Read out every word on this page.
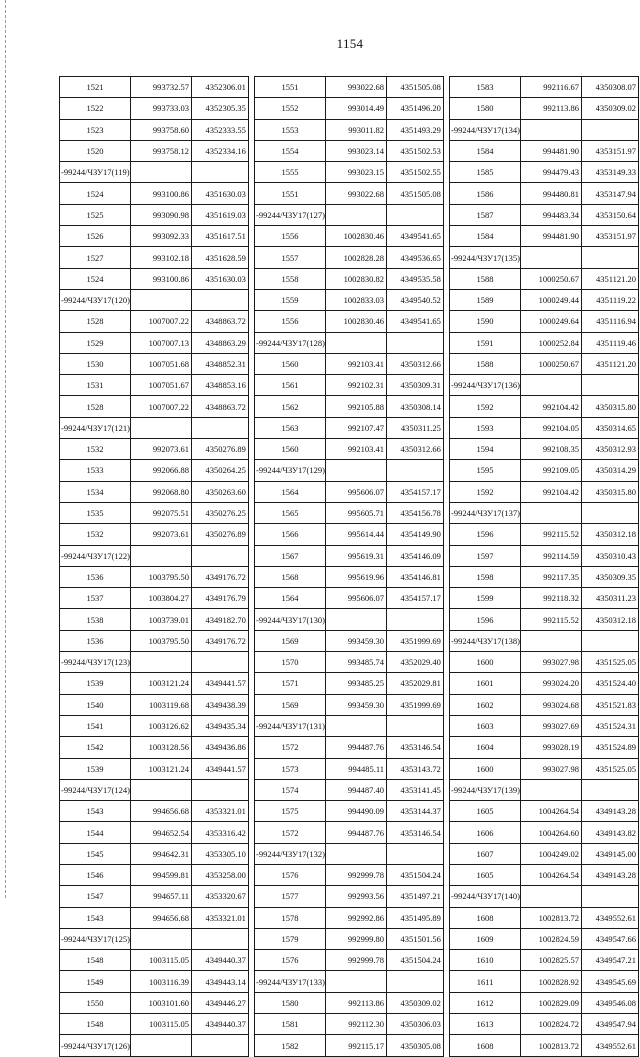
1154
1521	993732.57	4352306.01		1551	993022.68	4351505.08		1583	992116.67	4350308.07
1522	993733.03	4352305.35		1552	993014.49	4351496.20		1580	992113.86	4350309.02
1523	993758.60	4352333.55		1553	993011.82	4351493.29		-99244/ЧЗУ17(134)		
1520	993758.12	4352334.16		1554	993023.14	4351502.53		1584	994481.90	4353151.97
-99244/ЧЗУ17(119)				1555	993023.15	4351502.55		1585	994479.43	4353149.33
1524	993100.86	4351630.03		1551	993022.68	4351505.08		1586	994480.81	4353147.94
1525	993090.98	4351619.03		-99244/ЧЗУ17(127)				1587	994483.34	4353150.64
1526	993092.33	4351617.51		1556	1002830.46	4349541.65		1584	994481.90	4353151.97
1527	993102.18	4351628.59		1557	1002828.28	4349536.65		-99244/ЧЗУ17(135)		
1524	993100.86	4351630.03		1558	1002830.82	4349535.58		1588	1000250.67	4351121.20
-99244/ЧЗУ17(120)				1559	1002833.03	4349540.52		1589	1000249.44	4351119.22
1528	1007007.22	4348863.72		1556	1002830.46	4349541.65		1590	1000249.64	4351116.94
1529	1007007.13	4348863.29		-99244/ЧЗУ17(128)				1591	1000252.84	4351119.46
1530	1007051.68	4348852.31		1560	992103.41	4350312.66		1588	1000250.67	4351121.20
1531	1007051.67	4348853.16		1561	992102.31	4350309.31		-99244/ЧЗУ17(136)		
1528	1007007.22	4348863.72		1562	992105.88	4350308.14		1592	992104.42	4350315.80
-99244/ЧЗУ17(121)				1563	992107.47	4350311.25		1593	992104.05	4350314.65
1532	992073.61	4350276.89		1560	992103.41	4350312.66		1594	992108.35	4350312.93
1533	992066.88	4350264.25		-99244/ЧЗУ17(129)				1595	992109.05	4350314.29
1534	992068.80	4350263.60		1564	995606.07	4354157.17		1592	992104.42	4350315.80
1535	992075.51	4350276.25		1565	995605.71	4354156.78		-99244/ЧЗУ17(137)		
1532	992073.61	4350276.89		1566	995614.44	4354149.90		1596	992115.52	4350312.18
-99244/ЧЗУ17(122)				1567	995619.31	4354146.09		1597	992114.59	4350310.43
1536	1003795.50	4349176.72		1568	995619.96	4354146.81		1598	992117.35	4350309.35
1537	1003804.27	4349176.79		1564	995606.07	4354157.17		1599	992118.32	4350311.23
1538	1003739.01	4349182.70		-99244/ЧЗУ17(130)				1596	992115.52	4350312.18
1536	1003795.50	4349176.72		1569	993459.30	4351999.69		-99244/ЧЗУ17(138)		
-99244/ЧЗУ17(123)				1570	993485.74	4352029.40		1600	993027.98	4351525.05
1539	1003121.24	4349441.57		1571	993485.25	4352029.81		1601	993024.20	4351524.40
1540	1003119.68	4349438.39		1569	993459.30	4351999.69		1602	993024.68	4351521.83
1541	1003126.62	4349435.34		-99244/ЧЗУ17(131)				1603	993027.69	4351524.31
1542	1003128.56	4349436.86		1572	994487.76	4353146.54		1604	993028.19	4351524.89
1539	1003121.24	4349441.57		1573	994485.11	4353143.72		1600	993027.98	4351525.05
-99244/ЧЗУ17(124)				1574	994487.40	4353141.45		-99244/ЧЗУ17(139)		
1543	994656.68	4353321.01		1575	994490.09	4353144.37		1605	1004264.54	4349143.28
1544	994652.54	4353316.42		1572	994487.76	4353146.54		1606	1004264.60	4349143.82
1545	994642.31	4353305.10		-99244/ЧЗУ17(132)				1607	1004249.02	4349145.00
1546	994599.81	4353258.00		1576	992999.78	4351504.24		1605	1004264.54	4349143.28
1547	994657.11	4353320.67		1577	992993.56	4351497.21		-99244/ЧЗУ17(140)		
1543	994656.68	4353321.01		1578	992992.86	4351495.89		1608	1002813.72	4349552.61
-99244/ЧЗУ17(125)				1579	992999.80	4351501.56		1609	1002824.59	4349547.66
1548	1003115.05	4349440.37		1576	992999.78	4351504.24		1610	1002825.57	4349547.21
1549	1003116.39	4349443.14		-99244/ЧЗУ17(133)				1611	1002828.92	4349545.69
1550	1003101.60	4349446.27		1580	992113.86	4350309.02		1612	1002829.09	4349546.08
1548	1003115.05	4349440.37		1581	992112.30	4350306.03		1613	1002824.72	4349547.94
-99244/ЧЗУ17(126)				1582	992115.17	4350305.08		1608	1002813.72	4349552.61
